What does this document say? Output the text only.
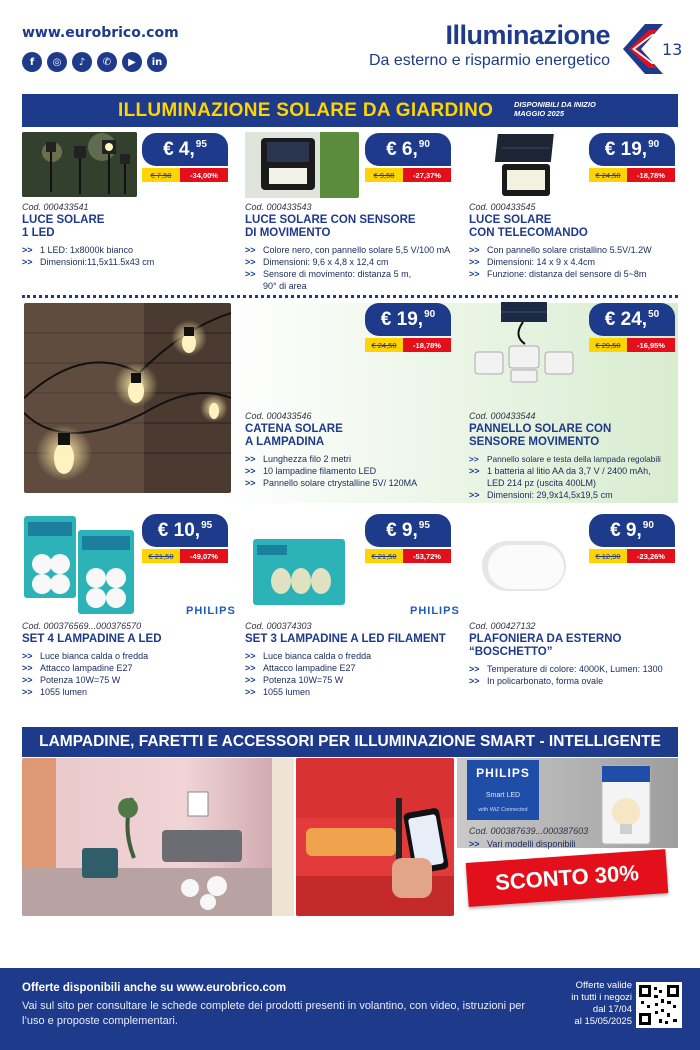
www.eurobrico.com
f	◎	♪	✆	▶	in
Illuminazione
Da esterno e risparmio energetico
13
ILLUMINAZIONE SOLARE DA GIARDINO	DISPONIBILI DA INIZIO MAGGIO 2025
€ 4,95
€ 7,50	-34,00%
Cod. 000433541
LUCE SOLARE
1 LED
>> 1 LED: 1x8000k bianco
>> Dimensioni:11,5x11.5x43 cm
€ 6,90
€ 9,50	-27,37%
Cod. 000433543
LUCE SOLARE CON SENSORE
DI MOVIMENTO
>> Colore nero, con pannello solare 5,5 V/100 mA
>> Dimensioni: 9,6 x 4,8 x 12,4 cm
>> Sensore di movimento: distanza 5 m,
90° di area
€ 19,90
€ 24,50	-18,78%
Cod. 000433545
LUCE SOLARE
CON TELECOMANDO
>> Con pannello solare cristallino 5.5V/1.2W
>> Dimensioni: 14 x 9 x 4.4cm
>> Funzione: distanza del sensore di 5~8m
€ 19,90
€ 24,50	-18,78%
Cod. 000433546
CATENA SOLARE
A LAMPADINA
>> Lunghezza filo 2 metri
>> 10 lampadine filamento LED
>> Pannello solare ctrystalline 5V/ 120MA
€ 24,50
€ 29,50	-16,95%
Cod. 000433544
PANNELLO SOLARE CON
SENSORE MOVIMENTO
>> Pannello solare e testa della lampada regolabili
>> 1 batteria al litio AA da 3,7 V / 2400 mAh,
LED 214 pz (uscita 400LM)
>> Dimensioni: 29,9x14,5x19,5 cm
€ 10,95
€ 21,50	-49,07%
PHILIPS
Cod. 000376569...000376570
SET 4 LAMPADINE A LED
>> Luce bianca calda o fredda
>> Attacco lampadine E27
>> Potenza 10W=75 W
>> 1055 lumen
€ 9,95
€ 21,50	-53,72%
PHILIPS
Cod. 000374303
SET 3 LAMPADINE A LED FILAMENT
>> Luce bianca calda o fredda
>> Attacco lampadine E27
>> Potenza 10W=75 W
>> 1055 lumen
€ 9,90
€ 12,90	-23,26%
Cod. 000427132
PLAFONIERA DA ESTERNO
“BOSCHETTO”
>> Temperature di colore: 4000K, Lumen: 1300
>> In policarbonato, forma ovale
LAMPADINE, FARETTI E ACCESSORI PER ILLUMINAZIONE SMART - INTELLIGENTE
PHILIPS
Smart LED
with WiZ Connected
Cod. 000387639...000387603
>> Vari modelli disponibili
SCONTO 30%
Offerte disponibili anche su www.eurobrico.com
Vai sul sito per consultare le schede complete dei prodotti presenti in volantino, con video, istruzioni per l’uso e proposte complementari.
Offerte valide
in tutti i negozi
dal 17/04
al 15/05/2025
